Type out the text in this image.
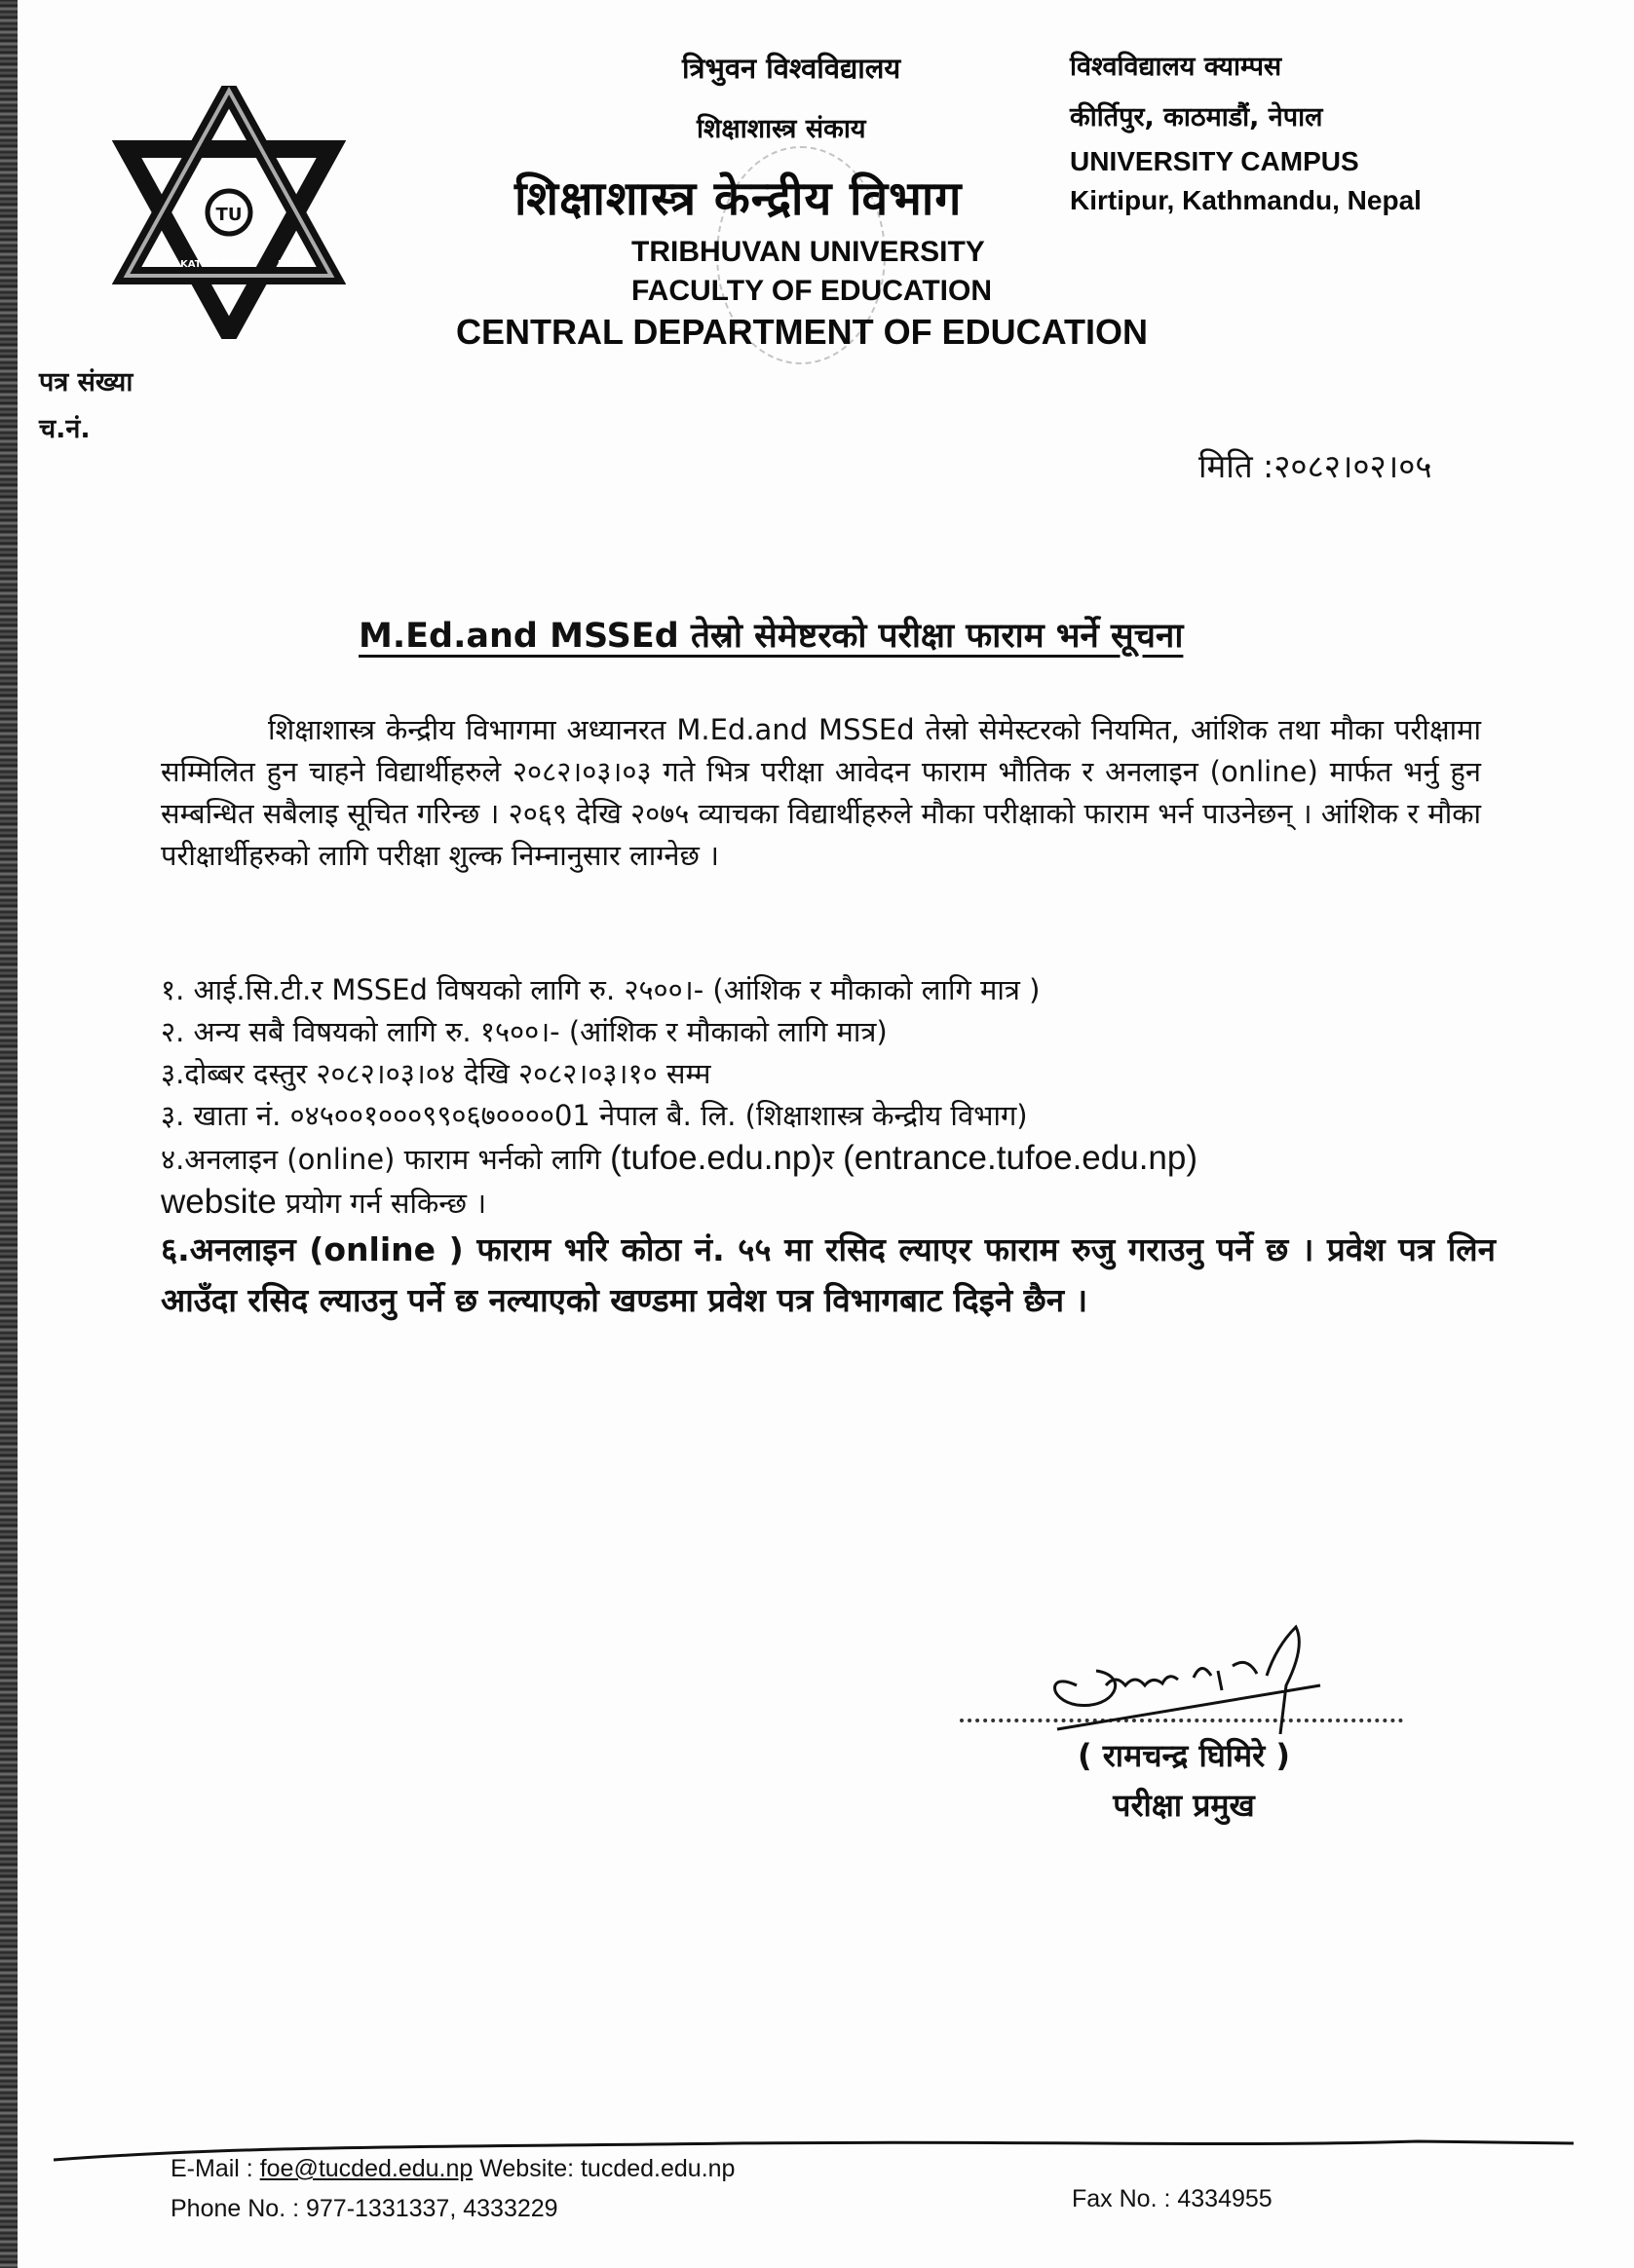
TU
KATHMANDU	NEPAL
त्रिभुवन विश्वविद्यालय
शिक्षाशास्त्र संकाय
शिक्षाशास्त्र केन्द्रीय विभाग
विश्वविद्यालय क्याम्पस
कीर्तिपुर, काठमाडौं, नेपाल
UNIVERSITY CAMPUS
Kirtipur, Kathmandu, Nepal
TRIBHUVAN UNIVERSITY
FACULTY OF EDUCATION
CENTRAL DEPARTMENT OF EDUCATION
पत्र संख्या
च.नं.
मिति :२०८२।०२।०५
M.Ed.and MSSEd तेस्रो सेमेष्टरको परीक्षा फाराम भर्ने सूचना

शिक्षाशास्त्र केन्द्रीय विभागमा अध्यानरत M.Ed.and MSSEd तेस्रो सेमेस्टरको नियमित, आंशिक तथा मौका परीक्षामा सम्मिलित हुन चाहने विद्यार्थीहरुले २०८२।०३।०३ गते भित्र परीक्षा आवेदन फाराम भौतिक र अनलाइन (online) मार्फत भर्नु हुन सम्बन्धित सबैलाइ सूचित गरिन्छ । २०६९ देखि २०७५ व्याचका विद्यार्थीहरुले मौका परीक्षाको फाराम भर्न पाउनेछन् । आंशिक र मौका परीक्षार्थीहरुको लागि परीक्षा शुल्क निम्नानुसार लाग्नेछ ।

१. आई.सि.टी.र MSSEd विषयको लागि रु. २५००।- (आंशिक र मौकाको लागि मात्र )
२. अन्य सबै विषयको लागि रु. १५००।- (आंशिक र मौकाको लागि मात्र)
३.दोब्बर दस्तुर २०८२।०३।०४ देखि २०८२।०३।१० सम्म
३. खाता नं. ०४५००१०००९९०६७००००01 नेपाल बै. लि. (शिक्षाशास्त्र केन्द्रीय विभाग)
४.अनलाइन (online) फाराम भर्नको लागि (tufoe.edu.np)र (entrance.tufoe.edu.np)
website प्रयोग गर्न सकिन्छ ।
६.अनलाइन (online ) फाराम भरि कोठा नं. ५५ मा रसिद ल्याएर फाराम रुजु गराउनु पर्ने छ । प्रवेश पत्र लिन आउँदा रसिद ल्याउनु पर्ने छ नल्याएको खण्डमा प्रवेश पत्र विभागबाट दिइने छैन ।
( रामचन्द्र घिमिरे )
परीक्षा प्रमुख
E-Mail : foe@tucded.edu.np Website: tucded.edu.np
Phone No. : 977-1331337, 4333229	Fax No. : 4334955
